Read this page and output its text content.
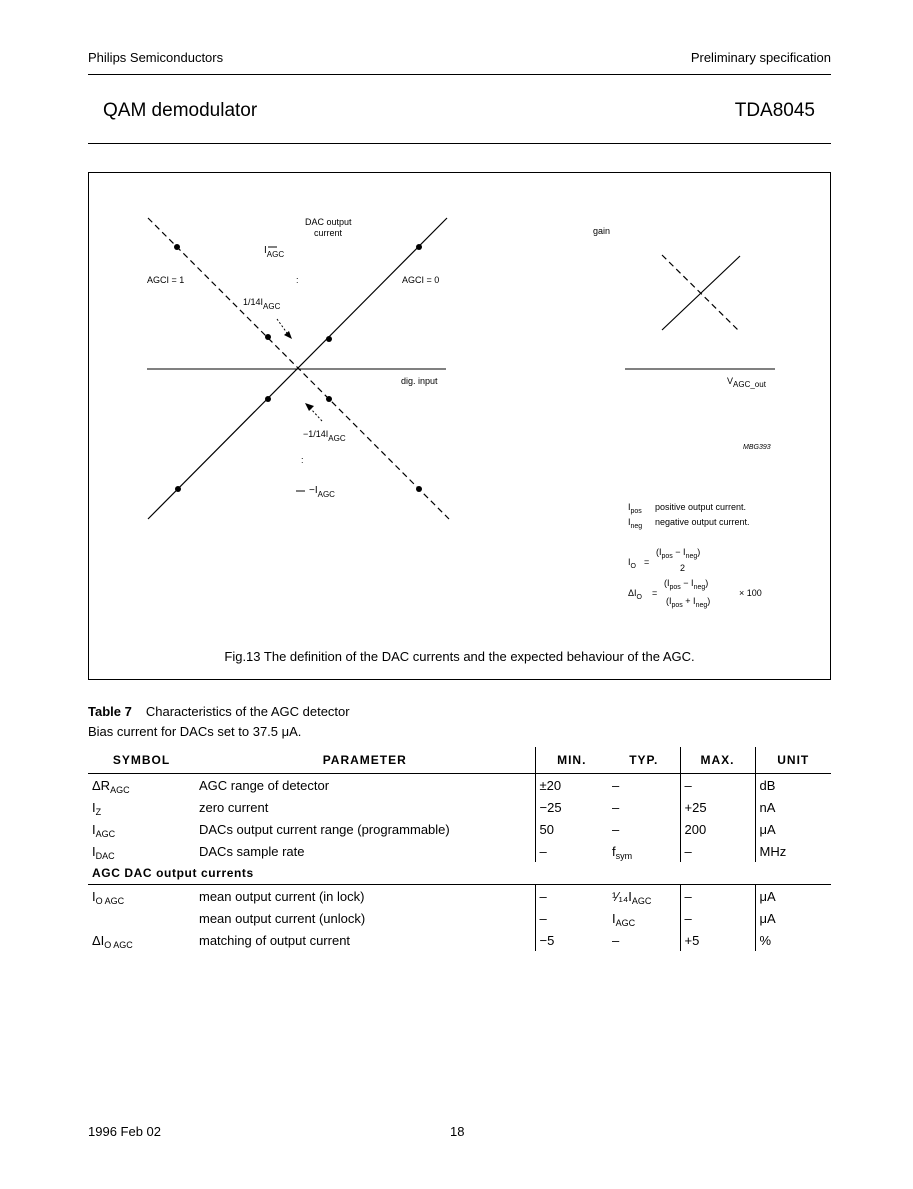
Philips Semiconductors	Preliminary specification
QAM demodulator	TDA8045
:
:
DAC output
current
$I_{AGC}$
AGCI = 1	AGCI = 0
1/14IAGC
dig. input
−1/14IAGC
$-I_{AGC}$
gain
VAGC_out
MBG393
$I_{pos}$ positive output current.
$I_{neg}$ negative output current.
$I_O$ =
$(I_{pos} - I_{neg})$
2
$\Delta I_O$ =
$(I_{pos} - I_{neg})$
$(I_{pos} + I_{neg})$
× 100
Fig.13 The definition of the DAC currents and the expected behaviour of the AGC.
Table 7 Characteristics of the AGC detector
Bias current for DACs set to 37.5 μA.
SYMBOL	PARAMETER	MIN.	TYP.	MAX.	UNIT
$\Delta R_{AGC}$	AGC range of detector	±20	–	–	dB
$I_Z$	zero current	−25	–	+25	nA
$I_{AGC}$	DACs output current range (programmable)	50	–	200	μA
$I_{DAC}$	DACs sample rate	–	$f_{sym}$	–	MHz
AGC DAC output currents					
$I_{O AGC}$	mean output current (in lock)	–	$^1⁄_{14}I_{AGC}$	–	μA
	mean output current (unlock)	–	$I_{AGC}$	–	μA
$\Delta I_{O AGC}$	matching of output current	−5	–	+5	%
1996 Feb 02	18
